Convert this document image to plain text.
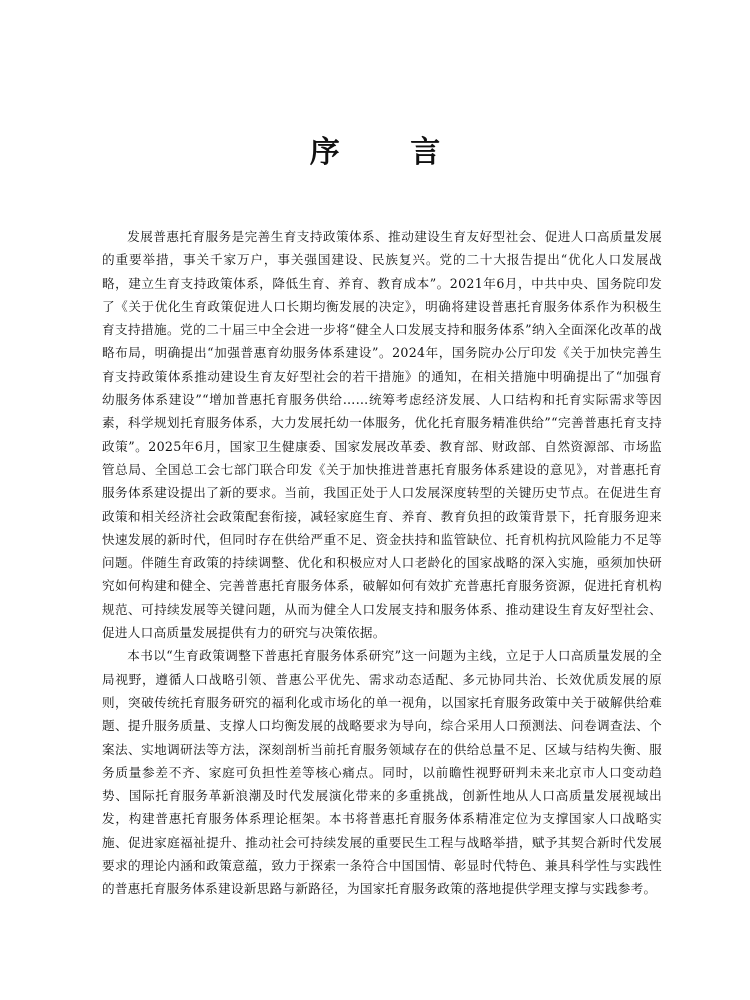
序 言

发展普惠托育服务是完善生育支持政策体系、推动建设生育友好型社会、促进人口高质量发展的重要举措，事关千家万户，事关强国建设、民族复兴。党的二十大报告提出“优化人口发展战略，建立生育支持政策体系，降低生育、养育、教育成本”。2021年6月，中共中央、国务院印发了《关于优化生育政策促进人口长期均衡发展的决定》，明确将建设普惠托育服务体系作为积极生育支持措施。党的二十届三中全会进一步将“健全人口发展支持和服务体系”纳入全面深化改革的战略布局，明确提出“加强普惠育幼服务体系建设”。2024年，国务院办公厅印发《关于加快完善生育支持政策体系推动建设生育友好型社会的若干措施》的通知，在相关措施中明确提出了“加强育幼服务体系建设”“增加普惠托育服务供给……统筹考虑经济发展、人口结构和托育实际需求等因素，科学规划托育服务体系，大力发展托幼一体服务，优化托育服务精准供给”“完善普惠托育支持政策”。2025年6月，国家卫生健康委、国家发展改革委、教育部、财政部、自然资源部、市场监管总局、全国总工会七部门联合印发《关于加快推进普惠托育服务体系建设的意见》，对普惠托育服务体系建设提出了新的要求。当前，我国正处于人口发展深度转型的关键历史节点。在促进生育政策和相关经济社会政策配套衔接，减轻家庭生育、养育、教育负担的政策背景下，托育服务迎来快速发展的新时代，但同时存在供给严重不足、资金扶持和监管缺位、托育机构抗风险能力不足等问题。伴随生育政策的持续调整、优化和积极应对人口老龄化的国家战略的深入实施，亟须加快研究如何构建和健全、完善普惠托育服务体系，破解如何有效扩充普惠托育服务资源，促进托育机构规范、可持续发展等关键问题，从而为健全人口发展支持和服务体系、推动建设生育友好型社会、促进人口高质量发展提供有力的研究与决策依据。

本书以“生育政策调整下普惠托育服务体系研究”这一问题为主线，立足于人口高质量发展的全局视野，遵循人口战略引领、普惠公平优先、需求动态适配、多元协同共治、长效优质发展的原则，突破传统托育服务研究的福利化或市场化的单一视角，以国家托育服务政策中关于破解供给难题、提升服务质量、支撑人口均衡发展的战略要求为导向，综合采用人口预测法、问卷调查法、个案法、实地调研法等方法，深刻剖析当前托育服务领域存在的供给总量不足、区域与结构失衡、服务质量参差不齐、家庭可负担性差等核心痛点。同时，以前瞻性视野研判未来北京市人口变动趋势、国际托育服务革新浪潮及时代发展演化带来的多重挑战，创新性地从人口高质量发展视域出发，构建普惠托育服务体系理论框架。本书将普惠托育服务体系精准定位为支撑国家人口战略实施、促进家庭福祉提升、推动社会可持续发展的重要民生工程与战略举措，赋予其契合新时代发展要求的理论内涵和政策意蕴，致力于探索一条符合中国国情、彰显时代特色、兼具科学性与实践性的普惠托育服务体系建设新思路与新路径，为国家托育服务政策的落地提供学理支撑与实践参考。
